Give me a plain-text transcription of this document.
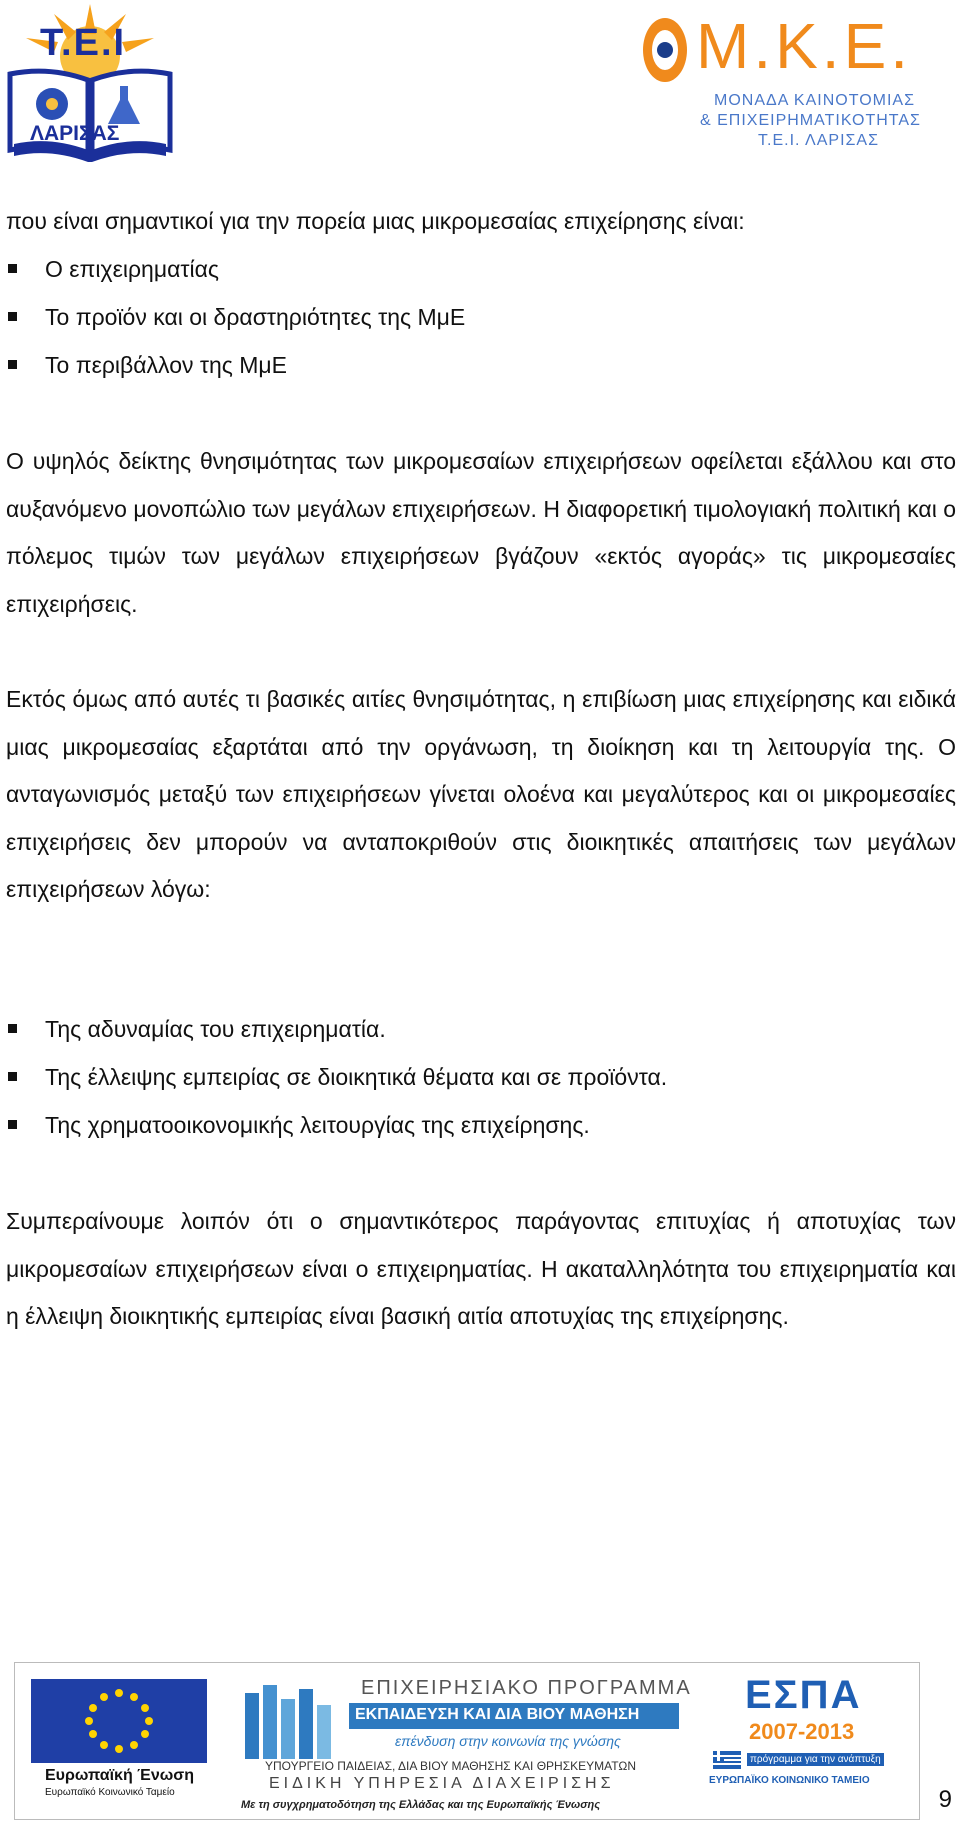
Τ.Ε.Ι
ΛΑΡΙΣΑΣ
Μ.Κ.Ε.
ΜΟΝΑΔΑ ΚΑΙΝΟΤΟΜΙΑΣ
& ΕΠΙΧΕΙΡΗΜΑΤΙΚΟΤΗΤΑΣ
Τ.Ε.Ι. ΛΑΡΙΣΑΣ
που είναι σημαντικοί για την πορεία μιας μικρομεσαίας επιχείρησης είναι:
Ο επιχειρηματίας
Το προϊόν και οι δραστηριότητες της ΜμΕ
Το περιβάλλον της ΜμΕ
Ο υψηλός δείκτης θνησιμότητας των μικρομεσαίων επιχειρήσεων οφείλεται εξάλλου και στο αυξανόμενο μονοπώλιο των μεγάλων επιχειρήσεων. Η διαφορετική τιμολογιακή πολιτική και ο πόλεμος τιμών των μεγάλων επιχειρήσεων βγάζουν «εκτός αγοράς» τις μικρομεσαίες επιχειρήσεις.
Εκτός όμως από αυτές τι βασικές αιτίες θνησιμότητας, η επιβίωση μιας επιχείρησης και ειδικά μιας μικρομεσαίας εξαρτάται από την οργάνωση, τη διοίκηση και τη λειτουργία της. Ο ανταγωνισμός μεταξύ των επιχειρήσεων γίνεται ολοένα και μεγαλύτερος και οι μικρομεσαίες επιχειρήσεις δεν μπορούν να ανταποκριθούν στις διοικητικές απαιτήσεις των μεγάλων επιχειρήσεων λόγω:
Της αδυναμίας του επιχειρηματία.
Της έλλειψης εμπειρίας σε διοικητικά θέματα και σε προϊόντα.
Της χρηματοοικονομικής λειτουργίας της επιχείρησης.
Συμπεραίνουμε λοιπόν ότι ο σημαντικότερος παράγοντας επιτυχίας ή αποτυχίας των μικρομεσαίων επιχειρήσεων είναι ο επιχειρηματίας. Η ακαταλληλότητα του επιχειρηματία και η έλλειψη διοικητικής εμπειρίας είναι βασική αιτία αποτυχίας της επιχείρησης.
Ευρωπαϊκή Ένωση
Ευρωπαϊκό Κοινωνικό Ταμείο
ΕΠΙΧΕΙΡΗΣΙΑΚΟ ΠΡΟΓΡΑΜΜΑ
ΕΚΠΑΙΔΕΥΣΗ ΚΑΙ ΔΙΑ ΒΙΟΥ ΜΑΘΗΣΗ
επένδυση στην κοινωνία της γνώσης
ΥΠΟΥΡΓΕΙΟ ΠΑΙΔΕΙΑΣ, ΔΙΑ ΒΙΟΥ ΜΑΘΗΣΗΣ ΚΑΙ ΘΡΗΣΚΕΥΜΑΤΩΝ
ΕΙΔΙΚΗ ΥΠΗΡΕΣΙΑ ΔΙΑΧΕΙΡΙΣΗΣ
Με τη συγχρηματοδότηση της Ελλάδας και της Ευρωπαϊκής Ένωσης
ΕΣΠΑ
2007-2013
πρόγραμμα για την ανάπτυξη
ΕΥΡΩΠΑΪΚΟ ΚΟΙΝΩΝΙΚΟ ΤΑΜΕΙΟ
9
